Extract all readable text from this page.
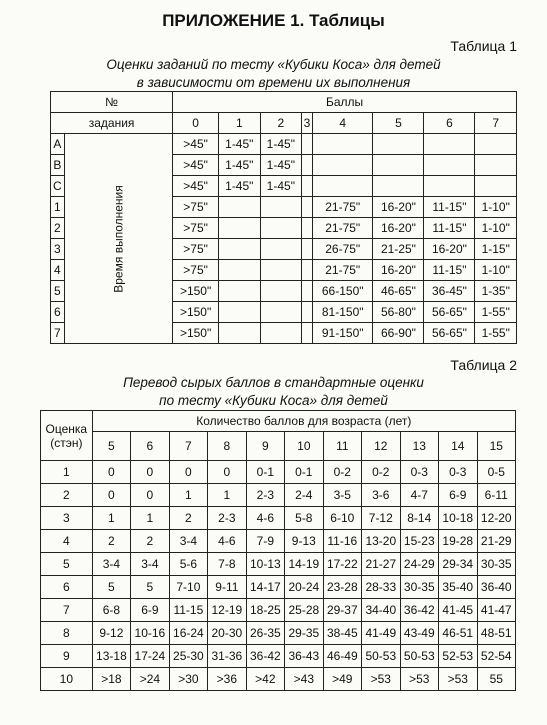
ПРИЛОЖЕНИЕ 1. Таблицы
Таблица 1
Оценки заданий по тесту «Кубики Коса» для детей
в зависимости от времени их выполнения
№		Баллы							
задания		0	1	2	3	4	5	6	7
А	Время выполнения	>45"	1-45"	1-45"					
В		>45"	1-45"	1-45"					
С		>45"	1-45"	1-45"					
1		>75"				21-75"	16-20"	11-15"	1-10"
2		>75"				21-75"	16-20"	11-15"	1-10"
3		>75"				26-75"	21-25"	16-20"	1-15"
4		>75"				21-75"	16-20"	11-15"	1-10"
5		>150"				66-150"	46-65"	36-45"	1-35"
6		>150"				81-150"	56-80"	56-65"	1-55"
7		>150"				91-150"	66-90"	56-65"	1-55"
Таблица 2
Перевод сырых баллов в стандартные оценки
по тесту «Кубики Коса» для детей
Оценка
(стэн)	Количество баллов для возраста (лет)										
	5	6	7	8	9	10	11	12	13	14	15
1	0	0	0	0	0-1	0-1	0-2	0-2	0-3	0-3	0-5
2	0	0	1	1	2-3	2-4	3-5	3-6	4-7	6-9	6-11
3	1	1	2	2-3	4-6	5-8	6-10	7-12	8-14	10-18	12-20
4	2	2	3-4	4-6	7-9	9-13	11-16	13-20	15-23	19-28	21-29
5	3-4	3-4	5-6	7-8	10-13	14-19	17-22	21-27	24-29	29-34	30-35
6	5	5	7-10	9-11	14-17	20-24	23-28	28-33	30-35	35-40	36-40
7	6-8	6-9	11-15	12-19	18-25	25-28	29-37	34-40	36-42	41-45	41-47
8	9-12	10-16	16-24	20-30	26-35	29-35	38-45	41-49	43-49	46-51	48-51
9	13-18	17-24	25-30	31-36	36-42	36-43	46-49	50-53	50-53	52-53	52-54
10	>18	>24	>30	>36	>42	>43	>49	>53	>53	>53	55
